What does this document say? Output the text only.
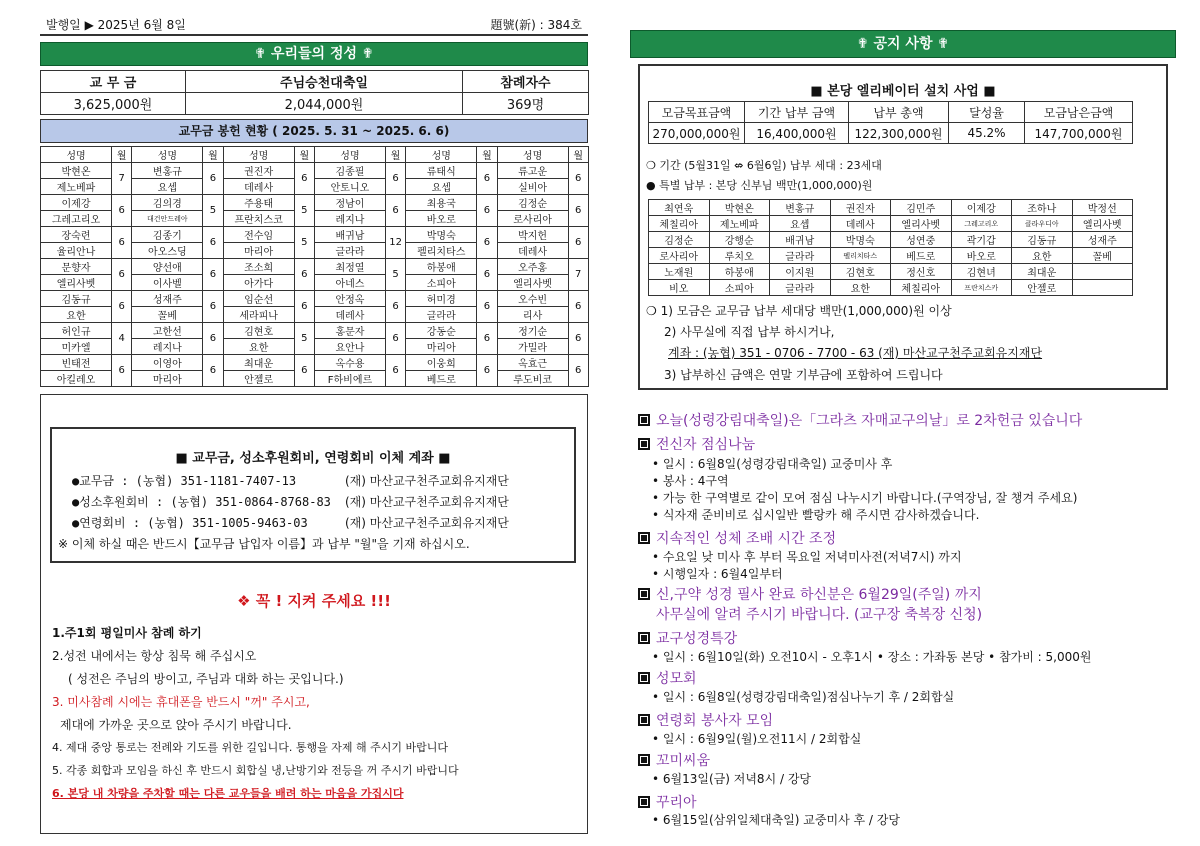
발행일 ▶ 2025년 6월 8일	題號(新) : 384호
✟ 우리들의 정성 ✟
교 무 금	주님승천대축일	참례자수
3,625,000원	2,044,000원	369명
교무금 봉헌 현황 ( 2025. 5. 31 ~ 2025. 6. 6)
성명	월	성명	월	성명	월	성명	월	성명	월	성명	월
박현온	7	변홍규	6	권진자	6	김종필	6	류태식	6	류고운	6
제노베파		요셉		데레사		안토니오		요셉		실비아	
이제강	6	김의경	5	주용태	5	정남이	6	최용국	6	김정순	6
그레고리오		대건안드레아		프란치스코		레지나		바오로		로사리아	
장숙련	6	김종기	6	전수임	5	배귀남	12	박명숙	6	박지헌	6
율리안나		아오스딩		마리아		글라라		펠리치타스		데레사	
문향자	6	양선애	6	조소희	6	최정열	5	하봉애	6	오주홍	7
엘리사벳		이사벨		아가다		아네스		소피아		엘리사벳	
김동규	6	성재주	6	임순선	6	안정옥	6	허미경	6	오수빈	6
요한		꼴베		세라피나		데레사		글라라		리사	
허인규	4	고한선	6	김현호	5	홍문자	6	강동순	6	정기순	6
미카엘		레지나		요한		요안나		마리아		가밀라	
빈태전	6	이영아	6	최대운	6	옥수용	6	이웅희	6	옥효근	6
아킬레오		마리아		안젤로		F하비에르		베드로		루도비코	
■ 교무금, 성소후원회비, 연령회비 이체 계좌 ■
●교무금 : (농협) 351-1181-7407-13	(재) 마산교구천주교회유지재단
●성소후원회비 : (농협) 351-0864-8768-83 (재) 마산교구천주교회유지재단
●연령회비 : (농협) 351-1005-9463-03	(재) 마산교구천주교회유지재단
※ 이체 하실 때은 반드시【교무금 납입자 이름】과 납부 "월"을 기재 하십시오.
❖ 꼭 ! 지켜 주세요 !!!
1.주1회 평일미사 참례 하기
2.성전 내에서는 항상 침묵 해 주십시오
( 성전은 주님의 방이고, 주님과 대화 하는 곳입니다.)
3. 미사참례 시에는 휴대폰을 반드시 "꺼" 주시고,
제대에 가까운 곳으로 앉아 주시기 바랍니다.
4. 제대 중앙 통로는 전례와 기도를 위한 길입니다. 통행을 자제 해 주시기 바랍니다
5. 각종 회합과 모임을 하신 후 반드시 회합실 냉,난방기와 전등을 꺼 주시기 바랍니다
6. 본당 내 차량을 주차할 때는 다른 교우들을 배려 하는 마음을 가집시다
✟ 공지 사항 ✟
■ 본당 엘리베이터 설치 사업 ■
모금목표금액	기간 납부 금액	납부 총액	달성율	모금남은금액
270,000,000원	16,400,000원	122,300,000원	45.2%	147,700,000원
❍ 기간 (5월31일 ⇎ 6월6일) 납부 세대 : 23세대
● 특별 납부 : 본당 신부님 백만(1,000,000)원
최연욱	박현온	변홍규	권진자	김민주	이제강	조하나	박정선
체칠리아	제노베파	요셉	데레사	엘리사벳	그레고리오	클라우디아	엘리사벳
김정순	강행순	배귀남	박명숙	성연중	곽기갑	김동규	성재주
로사리아	루치오	글라라	펠리치타스	베드로	바오로	요한	꼴베
노재원	하봉애	이지원	김현호	정신호	김현녀	최대운	
비오	소피아	글라라	요한	체칠리아	프란치스카	안젤로	
❍ 1) 모금은 교무금 납부 세대당 백만(1,000,000)원 이상
2) 사무실에 직접 납부 하시거나,
계좌 : (농협) 351 - 0706 - 7700 - 63 (재) 마산교구천주교회유지재단
3) 납부하신 금액은 연말 기부금에 포함하여 드립니다
오늘(성령강림대축일)은「그라츠 자매교구의날」로 2차헌금 있습니다
전신자 점심나눔
• 일시 : 6월8일(성령강림대축일) 교중미사 후
• 봉사 : 4구역
• 가능 한 구역별로 같이 모여 점심 나누시기 바랍니다.(구역장님, 잘 챙겨 주세요)
• 식자재 준비비로 십시일반 빨랑카 해 주시면 감사하겠습니다.
지속적인 성체 조배 시간 조정
• 수요일 낮 미사 후 부터 목요일 저녁미사전(저녁7시) 까지
• 시행일자 : 6월4일부터
신,구약 성경 필사 완료 하신분은 6월29일(주일) 까지
사무실에 알려 주시기 바랍니다. (교구장 축복장 신청)
교구성경특강
• 일시 : 6월10일(화) 오전10시 - 오후1시 • 장소 : 가좌동 본당 • 참가비 : 5,000원
성모회
• 일시 : 6월8일(성령강림대축일)점심나누기 후 / 2회합실
연령회 봉사자 모임
• 일시 : 6월9일(월)오전11시 / 2회합실
꼬미씨움
• 6월13일(금) 저녁8시 / 강당
꾸리아
• 6월15일(삼위일체대축일) 교중미사 후 / 강당
